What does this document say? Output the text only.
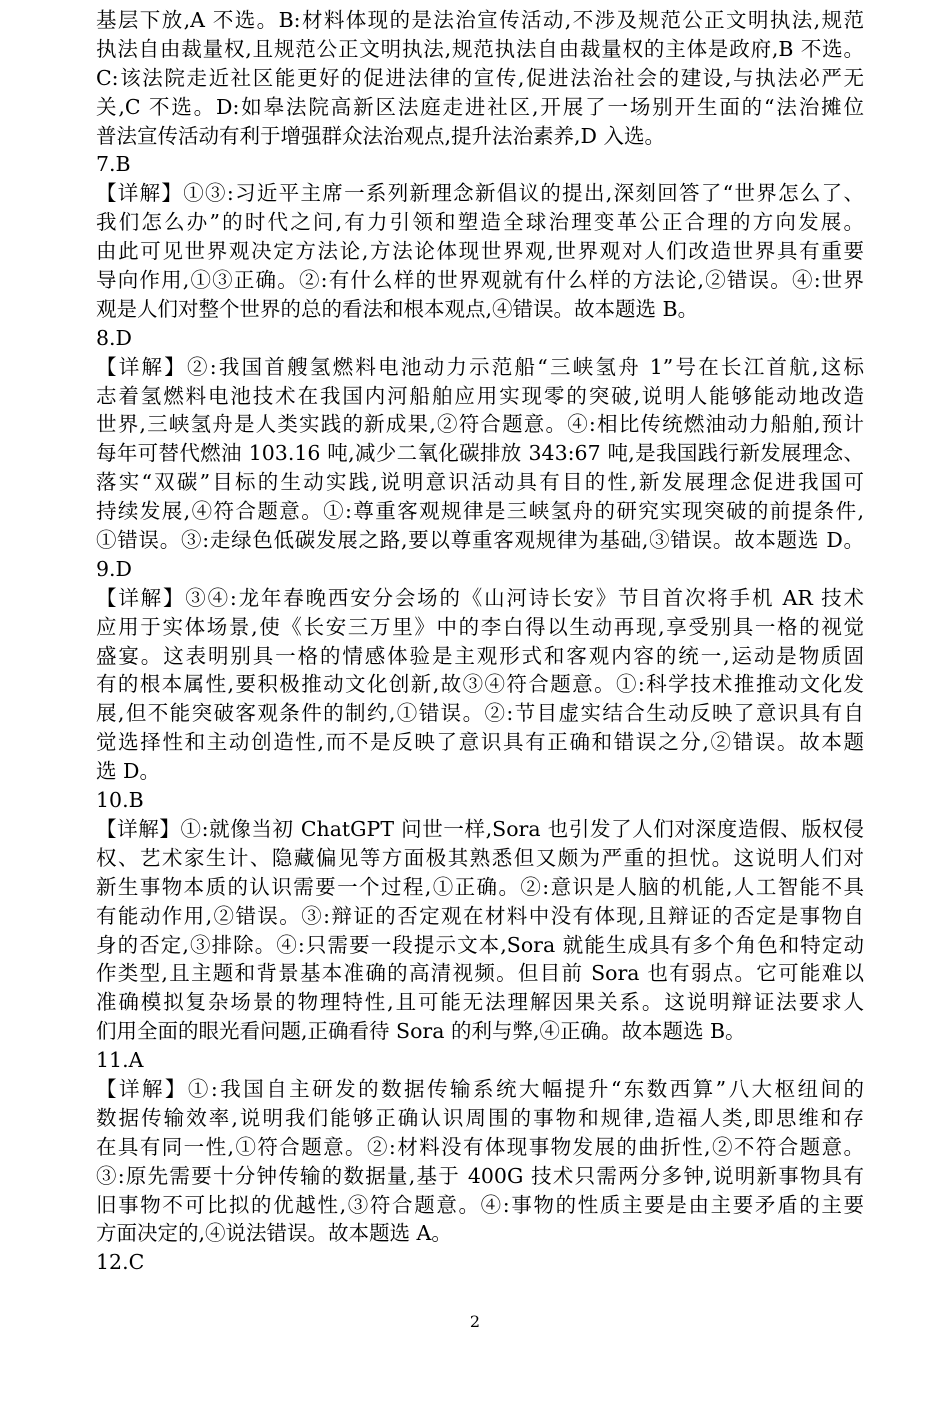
基层下放,A 不选。B:材料体现的是法治宣传活动,不涉及规范公正文明执法,规范
执法自由裁量权,且规范公正文明执法,规范执法自由裁量权的主体是政府,B 不选。
C:该法院走近社区能更好的促进法律的宣传,促进法治社会的建设,与执法必严无
关,C 不选。D:如皋法院高新区法庭走进社区,开展了一场别开生面的“法治摊位
普法宣传活动有利于增强群众法治观点,提升法治素养,D 入选。
7.B
【详解】①③:习近平主席一系列新理念新倡议的提出,深刻回答了“世界怎么了、
我们怎么办”的时代之问,有力引领和塑造全球治理变革公正合理的方向发展。
由此可见世界观决定方法论,方法论体现世界观,世界观对人们改造世界具有重要
导向作用,①③正确。②:有什么样的世界观就有什么样的方法论,②错误。④:世界
观是人们对整个世界的总的看法和根本观点,④错误。故本题选 B。
8.D
【详解】②:我国首艘氢燃料电池动力示范船“三峡氢舟 1”号在长江首航,这标
志着氢燃料电池技术在我国内河船舶应用实现零的突破,说明人能够能动地改造
世界,三峡氢舟是人类实践的新成果,②符合题意。④:相比传统燃油动力船舶,预计
每年可替代燃油 103.16 吨,减少二氧化碳排放 343:67 吨,是我国践行新发展理念、
落实“双碳”目标的生动实践,说明意识活动具有目的性,新发展理念促进我国可
持续发展,④符合题意。①:尊重客观规律是三峡氢舟的研究实现突破的前提条件,
①错误。③:走绿色低碳发展之路,要以尊重客观规律为基础,③错误。故本题选 D。
9.D
【详解】③④:龙年春晚西安分会场的《山河诗长安》节目首次将手机 AR 技术
应用于实体场景,使《长安三万里》中的李白得以生动再现,享受别具一格的视觉
盛宴。这表明别具一格的情感体验是主观形式和客观内容的统一,运动是物质固
有的根本属性,要积极推动文化创新,故③④符合题意。①:科学技术推推动文化发
展,但不能突破客观条件的制约,①错误。②:节目虚实结合生动反映了意识具有自
觉选择性和主动创造性,而不是反映了意识具有正确和错误之分,②错误。故本题
选 D。
10.B
【详解】①:就像当初 ChatGPT 问世一样,Sora 也引发了人们对深度造假、版权侵
权、艺术家生计、隐藏偏见等方面极其熟悉但又颇为严重的担忧。这说明人们对
新生事物本质的认识需要一个过程,①正确。②:意识是人脑的机能,人工智能不具
有能动作用,②错误。③:辩证的否定观在材料中没有体现,且辩证的否定是事物自
身的否定,③排除。④:只需要一段提示文本,Sora 就能生成具有多个角色和特定动
作类型,且主题和背景基本准确的高清视频。但目前 Sora 也有弱点。它可能难以
准确模拟复杂场景的物理特性,且可能无法理解因果关系。这说明辩证法要求人
们用全面的眼光看问题,正确看待 Sora 的利与弊,④正确。故本题选 B。
11.A
【详解】①:我国自主研发的数据传输系统大幅提升“东数西算”八大枢纽间的
数据传输效率,说明我们能够正确认识周围的事物和规律,造福人类,即思维和存
在具有同一性,①符合题意。②:材料没有体现事物发展的曲折性,②不符合题意。
③:原先需要十分钟传输的数据量,基于 400G 技术只需两分多钟,说明新事物具有
旧事物不可比拟的优越性,③符合题意。④:事物的性质主要是由主要矛盾的主要
方面决定的,④说法错误。故本题选 A。
12.C
2
